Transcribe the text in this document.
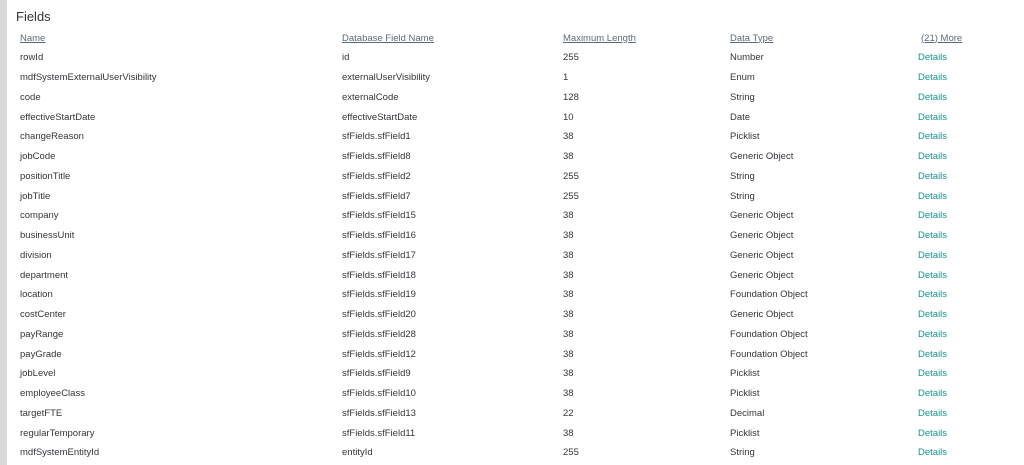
Fields
Name	Database Field Name	Maximum Length	Data Type	(21) More
rowId	id	255	Number	Details
mdfSystemExternalUserVisibility	externalUserVisibility	1	Enum	Details
code	externalCode	128	String	Details
effectiveStartDate	effectiveStartDate	10	Date	Details
changeReason	sfFields.sfField1	38	Picklist	Details
jobCode	sfFields.sfField8	38	Generic Object	Details
positionTitle	sfFields.sfField2	255	String	Details
jobTitle	sfFields.sfField7	255	String	Details
company	sfFields.sfField15	38	Generic Object	Details
businessUnit	sfFields.sfField16	38	Generic Object	Details
division	sfFields.sfField17	38	Generic Object	Details
department	sfFields.sfField18	38	Generic Object	Details
location	sfFields.sfField19	38	Foundation Object	Details
costCenter	sfFields.sfField20	38	Generic Object	Details
payRange	sfFields.sfField28	38	Foundation Object	Details
payGrade	sfFields.sfField12	38	Foundation Object	Details
jobLevel	sfFields.sfField9	38	Picklist	Details
employeeClass	sfFields.sfField10	38	Picklist	Details
targetFTE	sfFields.sfField13	22	Decimal	Details
regularTemporary	sfFields.sfField11	38	Picklist	Details
mdfSystemEntityId	entityId	255	String	Details
